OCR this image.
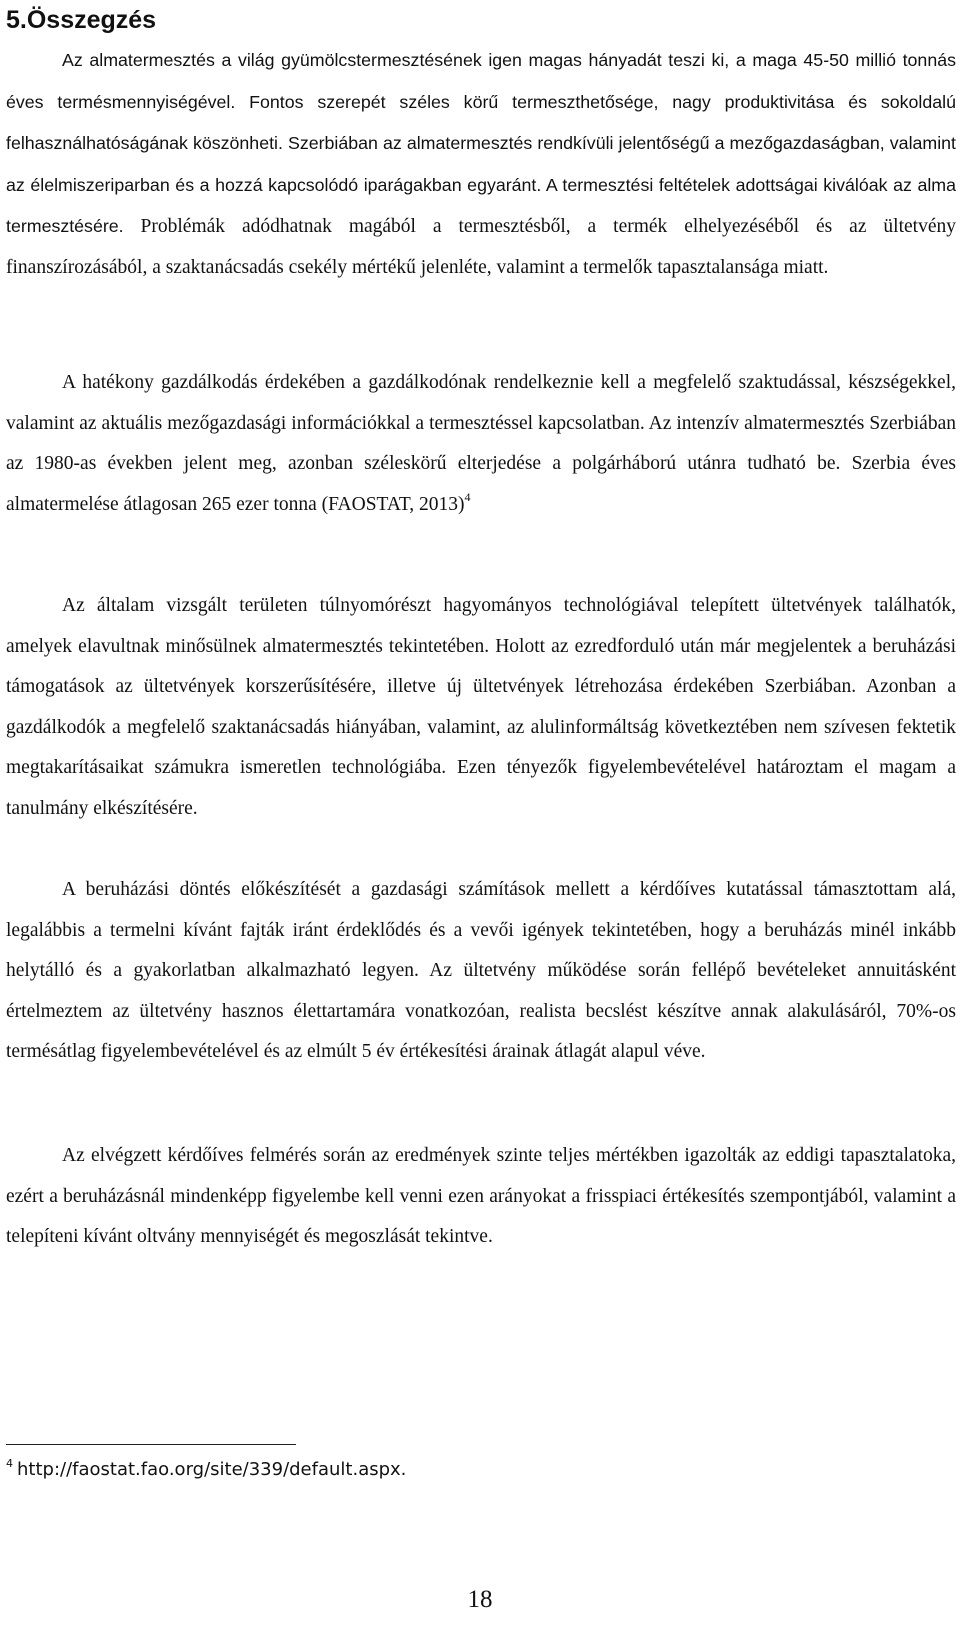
5.Összegzés

Az almatermesztés a világ gyümölcstermesztésének igen magas hányadát teszi ki, a maga 45-50 millió tonnás éves termésmennyiségével. Fontos szerepét széles körű termeszthetősége, nagy produktivitása és sokoldalú felhasználhatóságának köszönheti. Szerbiában az almatermesztés rendkívüli jelentőségű a mezőgazdaságban, valamint az élelmiszeriparban és a hozzá kapcsolódó iparágakban egyaránt. A termesztési feltételek adottságai kiválóak az alma termesztésére. Problémák adódhatnak magából a termesztésből, a termék elhelyezéséből és az ültetvény finanszírozásából, a szaktanácsadás csekély mértékű jelenléte, valamint a termelők tapasztalansága miatt.

A hatékony gazdálkodás érdekében a gazdálkodónak rendelkeznie kell a megfelelő szaktudással, készségekkel, valamint az aktuális mezőgazdasági információkkal a termesztéssel kapcsolatban. Az intenzív almatermesztés Szerbiában az 1980-as években jelent meg, azonban széleskörű elterjedése a polgárháború utánra tudható be. Szerbia éves almatermelése átlagosan 265 ezer tonna (FAOSTAT, 2013)$^4$

Az általam vizsgált területen túlnyomórészt hagyományos technológiával telepített ültetvények találhatók, amelyek elavultnak minősülnek almatermesztés tekintetében. Holott az ezredforduló után már megjelentek a beruházási támogatások az ültetvények korszerűsítésére, illetve új ültetvények létrehozása érdekében Szerbiában. Azonban a gazdálkodók a megfelelő szaktanácsadás hiányában, valamint, az alulinformáltság következtében nem szívesen fektetik megtakarításaikat számukra ismeretlen technológiába. Ezen tényezők figyelembevételével határoztam el magam a tanulmány elkészítésére.

A beruházási döntés előkészítését a gazdasági számítások mellett a kérdőíves kutatással támasztottam alá, legalábbis a termelni kívánt fajták iránt érdeklődés és a vevői igények tekintetében, hogy a beruházás minél inkább helytálló és a gyakorlatban alkalmazható legyen. Az ültetvény működése során fellépő bevételeket annuitásként értelmeztem az ültetvény hasznos élettartamára vonatkozóan, realista becslést készítve annak alakulásáról, 70%-os termésátlag figyelembevételével és az elmúlt 5 év értékesítési árainak átlagát alapul véve.

Az elvégzett kérdőíves felmérés során az eredmények szinte teljes mértékben igazolták az eddigi tapasztalatoka, ezért a beruházásnál mindenképp figyelembe kell venni ezen arányokat a frisspiaci értékesítés szempontjából, valamint a telepíteni kívánt oltvány mennyiségét és megoszlását tekintve.

$^4$ http://faostat.fao.org/site/339/default.aspx.

18
